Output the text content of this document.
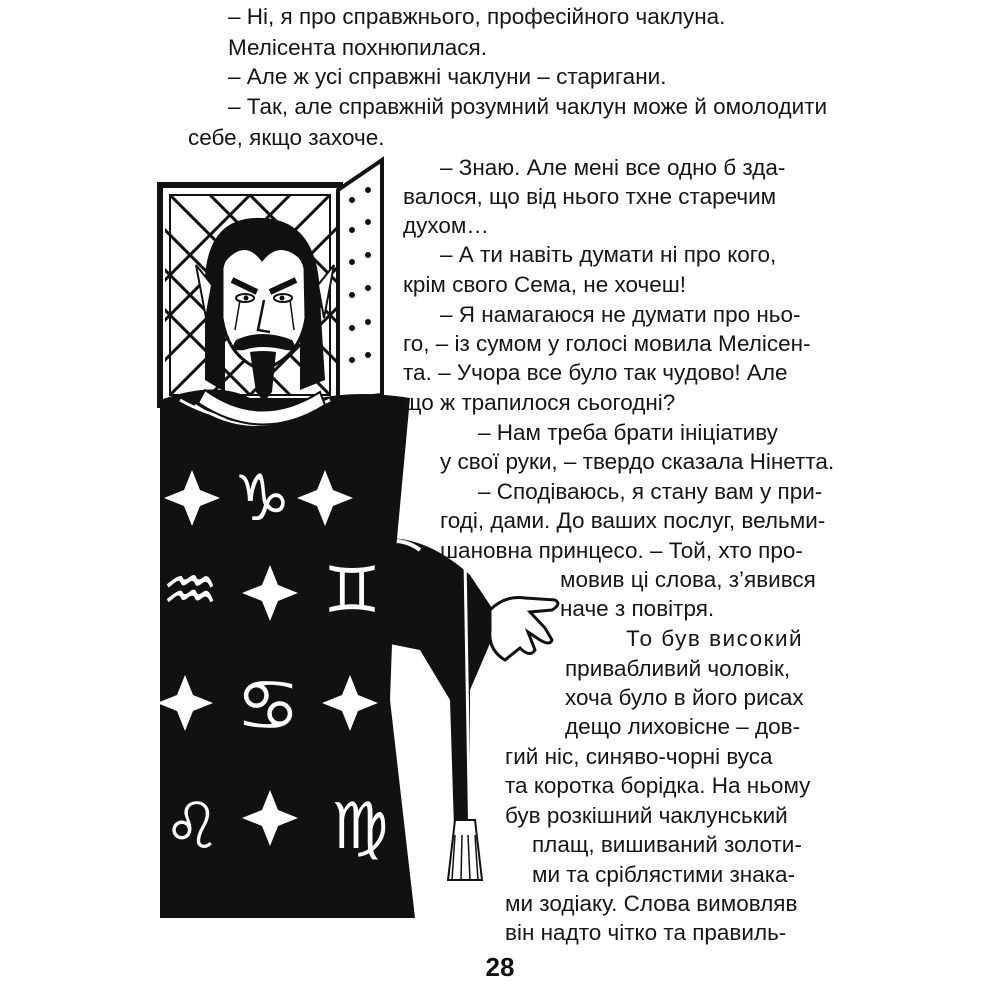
♑
♒ ♊
♋
♌ ♍
– Ні, я про справжнього, професійного чаклуна.
Мелісента похнюпилася.
– Але ж усі справжні чаклуни – старигани.
– Так, але справжній розумний чаклун може й омолодити
себе, якщо захоче.
– Знаю. Але мені все одно б зда-
валося, що від нього тхне старечим
духом…
– А ти навіть думати ні про кого,
крім свого Сема, не хочеш!
– Я намагаюся не думати про ньо-
го, – із сумом у голосі мовила Мелісен-
та. – Учора все було так чудово! Але
що ж трапилося сьогодні?
– Нам треба брати ініціативу
у свої руки, – твердо сказала Нінетта.
– Сподіваюсь, я стану вам у при-
годі, дами. До ваших послуг, вельми-
шановна принцесо. – Той, хто про-
мовив ці слова, з’явився
наче з повітря.
То був високий
привабливий чоловік,
хоча було в його рисах
дещо лиховісне – дов-
гий ніс, синяво-чорні вуса
та коротка борідка. На ньому
був розкішний чаклунський
плащ, вишиваний золоти-
ми та сріблястими знака-
ми зодіаку. Слова вимовляв
він надто чітко та правиль-
28
